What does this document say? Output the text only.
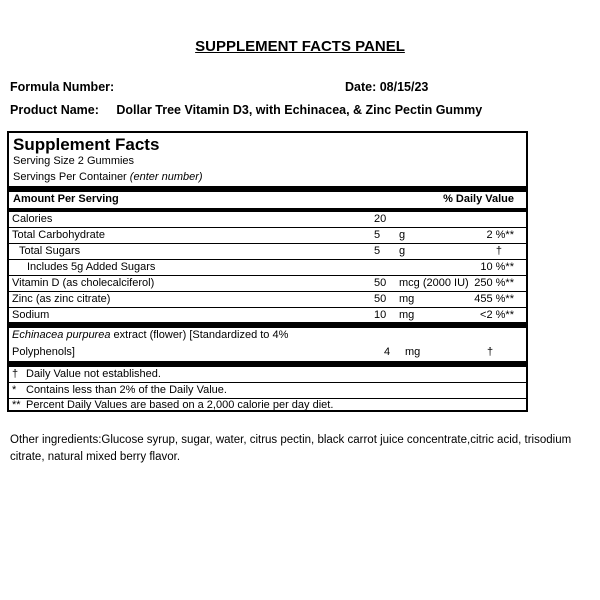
SUPPLEMENT FACTS PANEL
Formula Number:	Date: 08/15/23
Product Name: Dollar Tree Vitamin D3, with Echinacea, & Zinc Pectin Gummy
Supplement Facts
Serving Size 2 Gummies
Servings Per Container (enter number)
Amount Per Serving	% Daily Value
Calories	20
Total Carbohydrate	5 g	2 %**
Total Sugars	5 g	†
Includes 5g Added Sugars	10 %**
Vitamin D (as cholecalciferol)	50 mcg (2000 IU) 250 %**
Zinc (as zinc citrate)	50 mg	455 %**
Sodium	10 mg	<2 %**
Echinacea purpurea extract (flower) [Standardized to 4%
Polyphenols]	4 mg	†
† Daily Value not established.
* Contains less than 2% of the Daily Value.
** Percent Daily Values are based on a 2,000 calorie per day diet.
Other ingredients:Glucose syrup, sugar, water, citrus pectin, black carrot juice concentrate,citric acid, trisodium citrate, natural mixed berry flavor.
